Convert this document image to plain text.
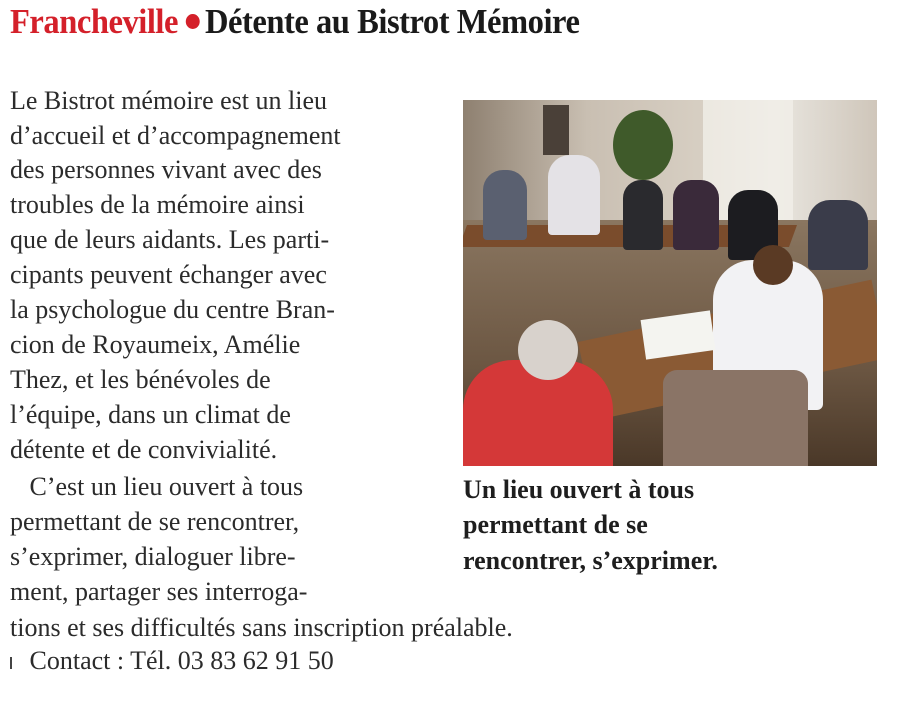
Francheville Détente au Bistrot Mémoire
Le Bistrot mémoire est un lieu
d’accueil et d’accompagnement
des personnes vivant avec des
troubles de la mémoire ainsi
que de leurs aidants. Les parti-
cipants peuvent échanger avec
la psychologue du centre Bran-
cion de Royaumeix, Amélie
Thez, et les bénévoles de
l’équipe, dans un climat de
détente et de convivialité.
C’est un lieu ouvert à tous
permettant de se rencontrer,
s’exprimer, dialoguer libre-
ment, partager ses interroga-
tions et ses difficultés sans inscription préalable.
Contact : Tél. 03 83 62 91 50
Un lieu ouvert à tous
permettant de se
rencontrer, s’exprimer.
